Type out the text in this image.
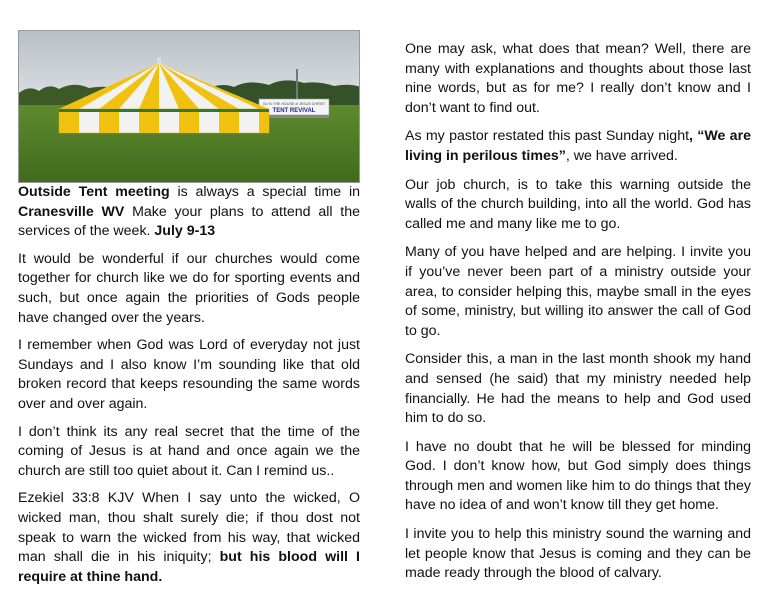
Go To THE HOUSE of JESUS CHRIST
TENT REVIVAL

Outside Tent meeting is always a special time in Cranesville WV Make your plans to attend all the services of the week. July 9-13

It would be wonderful if our churches would come together for church like we do for sporting events and such, but once again the priorities of Gods people have changed over the years.

I remember when God was Lord of everyday not just Sundays and I also know I’m sounding like that old broken record that keeps resounding the same words over and over again.

I don’t think its any real secret that the time of the coming of Jesus is at hand and once again we the church are still too quiet about it. Can I remind us..

Ezekiel 33:8 KJV When I say unto the wicked, O wicked man, thou shalt surely die; if thou dost not speak to warn the wicked from his way, that wicked man shall die in his iniquity; but his blood will I require at thine hand.

One may ask, what does that mean? Well, there are many with explanations and thoughts about those last nine words, but as for me? I really don’t know and I don’t want to find out.

As my pastor restated this past Sunday night, “We are living in perilous times”, we have arrived.

Our job church, is to take this warning outside the walls of the church building, into all the world. God has called me and many like me to go.

Many of you have helped and are helping. I invite you if you’ve never been part of a ministry outside your area, to consider helping this, maybe small in the eyes of some, ministry, but willing ito answer the call of God to go.

Consider this, a man in the last month shook my hand and sensed (he said) that my ministry needed help financially. He had the means to help and God used him to do so.

I have no doubt that he will be blessed for minding God. I don’t know how, but God simply does things through men and women like him to do things that they have no idea of and won’t know till they get home.

I invite you to help this ministry sound the warning and let people know that Jesus is coming and they can be made ready through the blood of calvary.
